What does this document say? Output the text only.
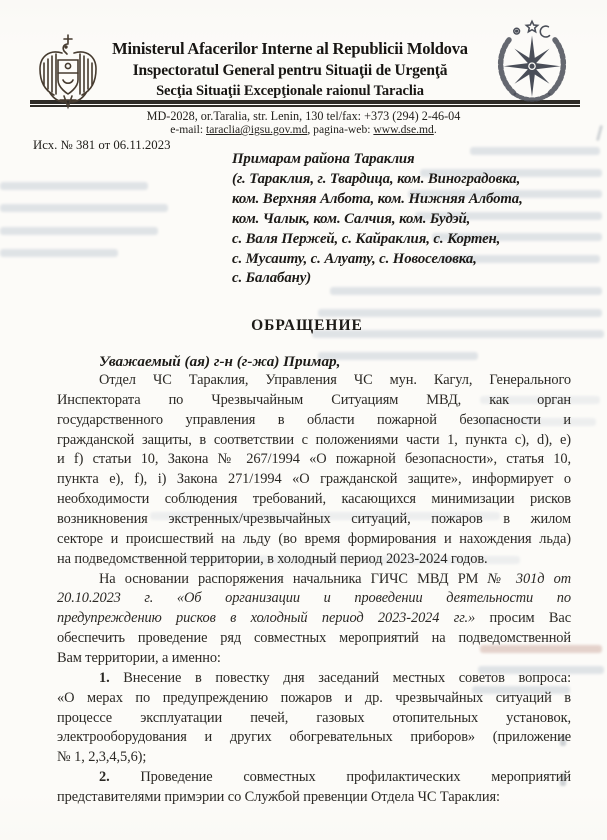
Ministerul Afacerilor Interne al Republicii Moldova
Inspectoratul General pentru Situaţii de Urgenţă
Secţia Situaţii Excepţionale raionul Taraclia
MD-2028, or.Taralia, str. Lenin, 130 tel/fax: +373 (294) 2-46-04
e-mail: taraclia@igsu.gov.md, pagina-web: www.dse.md.
Исх. № 381 от 06.11.2023
Примарам района Тараклия
(г. Тараклия, г. Твардица, ком. Виноградовка,
ком. Верхняя Албота, ком. Нижняя Албота,
ком. Чалык, ком. Салчия, ком. Будэй,
с. Валя Пержей, с. Кайраклия, с. Кортен,
с. Мусаиту, с. Алуату, с. Новоселовка,
с. Балабану)
ОБРАЩЕНИЕ
Уважаемый (ая) г-н (г-жа) Примар,
Отдел ЧС Тараклия, Управления ЧС мун. Кагул, Генерального
Инспектората по Чрезвычайным Ситуациям МВД, как орган
государственного управления в области пожарной безопасности и
гражданской защиты, в соответствии с положениями части 1, пункта c), d), e)
и f) статьи 10, Закона № 267/1994 «О пожарной безопасности», статья 10,
пункта e), f), i) Закона 271/1994 «О гражданской защите», информирует о
необходимости соблюдения требований, касающихся минимизации рисков
возникновения экстренных/чрезвычайных ситуаций, пожаров в жилом
секторе и происшествий на льду (во время формирования и нахождения льда)
на подведомственной территории, в холодный период 2023-2024 годов.
На основании распоряжения начальника ГИЧС МВД РМ № 301д от
20.10.2023 г. «Об организации и проведении деятельности по
предупреждению рисков в холодный период 2023-2024 гг.» просим Вас
обеспечить проведение ряд совместных мероприятий на подведомственной
Вам территории, а именно:
1. Внесение в повестку дня заседаний местных советов вопроса:
«О мерах по предупреждению пожаров и др. чрезвычайных ситуаций в
процессе эксплуатации печей, газовых отопительных установок,
электрооборудования и других обогревательных приборов» (приложение
№ 1, 2,3,4,5,6);
2. Проведение совместных профилактических мероприятий
представителями примэрии со Службой превенции Отдела ЧС Тараклия:
